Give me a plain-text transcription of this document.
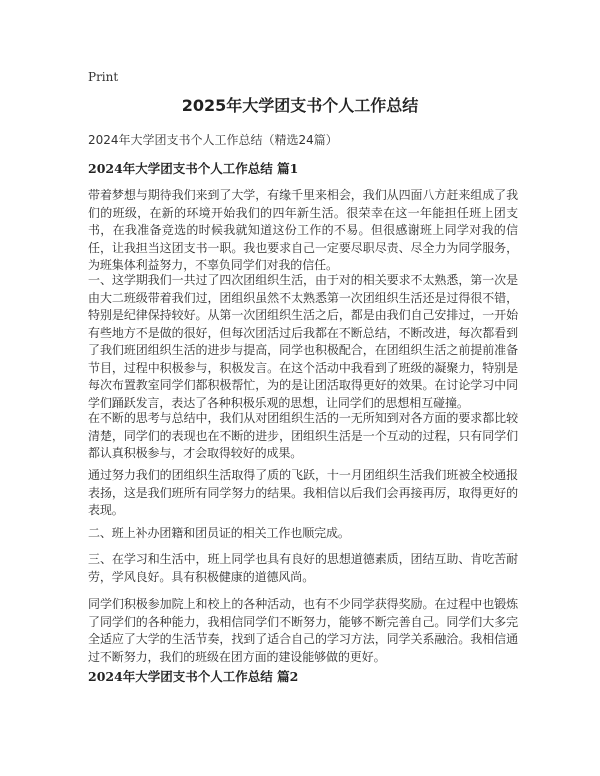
Print
2025年大学团支书个人工作总结
2024年大学团支书个人工作总结（精选24篇）
2024年大学团支书个人工作总结 篇1
带着梦想与期待我们来到了大学，有缘千里来相会，我们从四面八方赶来组成了我们的班级，在新的环境开始我们的四年新生活。很荣幸在这一年能担任班上团支书，在我准备竞选的时候我就知道这份工作的不易。但很感谢班上同学对我的信任，让我担当这团支书一职。我也要求自己一定要尽职尽责、尽全力为同学服务，为班集体利益努力，不辜负同学们对我的信任。
一、这学期我们一共过了四次团组织生活，由于对的相关要求不太熟悉，第一次是由大二班级带着我们过，团组织虽然不太熟悉第一次团组织生活还是过得很不错，特别是纪律保持较好。从第一次团组织生活之后，都是由我们自己安排过，一开始有些地方不是做的很好，但每次团活过后我都在不断总结，不断改进，每次都看到了我们班团组织生活的进步与提高，同学也积极配合，在团组织生活之前提前准备节目，过程中积极参与，积极发言。在这个活动中我看到了班级的凝聚力，特别是每次布置教室同学们都积极帮忙，为的是让团活取得更好的效果。在讨论学习中同学们踊跃发言，表达了各种积极乐观的思想，让同学们的思想相互碰撞。
在不断的思考与总结中，我们从对团组织生活的一无所知到对各方面的要求都比较清楚，同学们的表现也在不断的进步，团组织生活是一个互动的过程，只有同学们都认真积极参与，才会取得较好的成果。
通过努力我们的团组织生活取得了质的飞跃，十一月团组织生活我们班被全校通报表扬，这是我们班所有同学努力的结果。我相信以后我们会再接再厉，取得更好的表现。
二、班上补办团籍和团员证的相关工作也顺完成。
三、在学习和生活中，班上同学也具有良好的思想道德素质，团结互助、肯吃苦耐劳，学风良好。具有积极健康的道德风尚。
同学们积极参加院上和校上的各种活动，也有不少同学获得奖励。在过程中也锻炼了同学们的各种能力，我相信同学们不断努力，能够不断完善自己。同学们大多完全适应了大学的生活节奏，找到了适合自己的学习方法，同学关系融洽。我相信通过不断努力，我们的班级在团方面的建设能够做的更好。
2024年大学团支书个人工作总结 篇2
